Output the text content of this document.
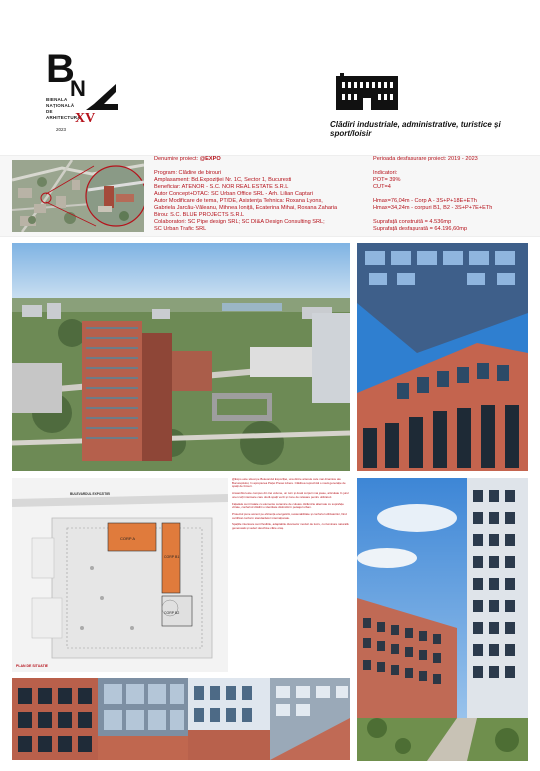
B
N
BIENALA
NAȚIONALĂ
DE
ARHITECTURĂ
2023
XV	Clădiri industriale, administrative, turistice și sport/loisir
Denumire proiect: @EXPO
Program: Clădire de birouri
Amplasament: Bd.Expoziției Nr. 1C, Sector 1, Bucuresti
Beneficiar: ATENOR - S.C. NOR REAL ESTATE S.R.L
Autor Concept+DTAC: SC Urban Office SRL - Arh. Lilian Captari
Autor Modificare de tema, PT/DE, Asistența Tehnica: Roxana Lyons,
Gabriela Jarcău-Văleanu, Mihnea Ioniță, Ecaterina Mihai, Roxana Zaharia
Birou: S.C. BLUE PROJECTS S.R.L
Colaboratori: SC Pipe design SRL; SC DI&A Design Consulting SRL;
SC Urban Trafic SRL
Perioada desfasurare proiect: 2019 - 2023
Indicatori:
POT= 39%
CUT=4
Hmax=76,04m - Corp A - 3S+P+18E+ETh
Hmax=34,24m - corpuri B1, B2 - 3S+P+7E+ETh
Suprafață construită = 4.536mp
Suprafață desfașurată = 64.196,60mp
CORP A
CORP B1
CORP B2
BULEVARDUL EXPOZITIEI
PLAN DE SITUATIE

@Expo este situat pe Bulevardul Expoziției, una dintre arterele cele mai dinamice ale Bucureștiului, în apropierea Pieței Presei Libere. Clădirea reprezintă o nouă generație de spații de birouri.

Ansamblul este compus din trei volume, un turn și două corpuri mai joase, articulate în jurul unei curți interioare care oferă spații verzi și zone de relaxare pentru utilizatori.

Fațadele sunt tratate cu elemente ceramice de culoare cărămizie alternate cu suprafețe vitrate, conferind clădirii o identitate distinctă în peisajul urban.

Proiectul pune accent pe eficiența energetică, sustenabilitate și confortul utilizatorilor, fiind certificat conform standardelor internaționale.

Spațiile interioare sunt flexibile, adaptabile diverselor moduri de lucru, cu iluminare naturală generoasă și vederi deschise către oraș.
